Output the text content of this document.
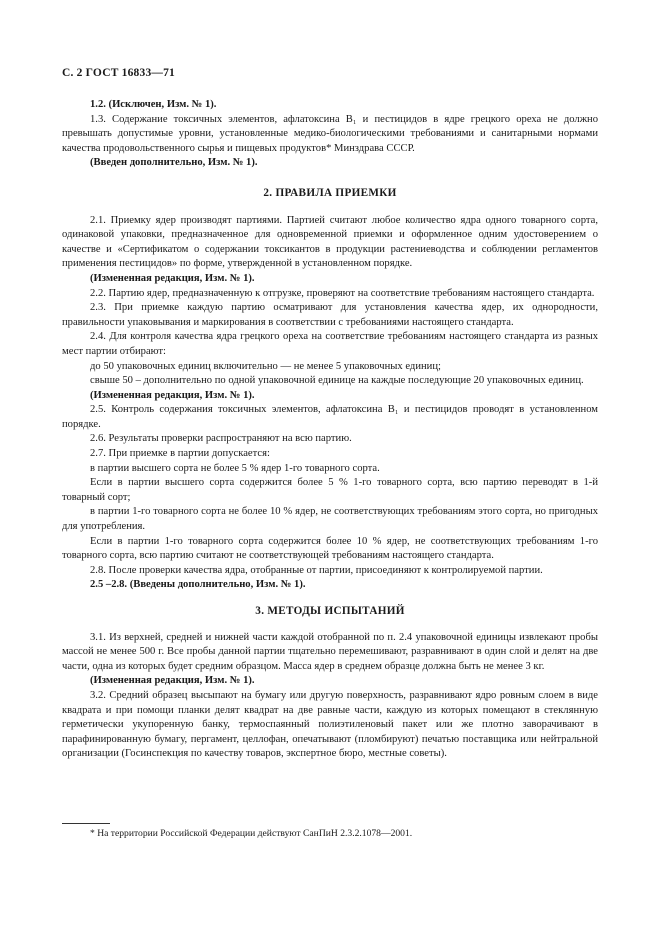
С. 2 ГОСТ 16833—71

1.2. (Исключен, Изм. № 1).

1.3. Содержание токсичных элементов, афлатоксина B₁ и пестицидов в ядре грецкого ореха не должно превышать допустимые уровни, установленные медико-биологическими требованиями и санитарными нормами качества продовольственного сырья и пищевых продуктов* Минздрава СССР.

(Введен дополнительно, Изм. № 1).

2. ПРАВИЛА ПРИЕМКИ

2.1. Приемку ядер производят партиями. Партией считают любое количество ядра одного товарного сорта, одинаковой упаковки, предназначенное для одновременной приемки и оформленное одним удостоверением о качестве и «Сертификатом о содержании токсикантов в продукции растениеводства и соблюдении регламентов применения пестицидов» по форме, утвержденной в установленном порядке.

(Измененная редакция, Изм. № 1).

2.2. Партию ядер, предназначенную к отгрузке, проверяют на соответствие требованиям настоящего стандарта.

2.3. При приемке каждую партию осматривают для установления качества ядер, их однородности, правильности упаковывания и маркирования в соответствии с требованиями настоящего стандарта.

2.4. Для контроля качества ядра грецкого ореха на соответствие требованиям настоящего стандарта из разных мест партии отбирают:

до 50 упаковочных единиц включительно — не менее 5 упаковочных единиц;

свыше 50 – дополнительно по одной упаковочной единице на каждые последующие 20 упаковочных единиц.

(Измененная редакция, Изм. № 1).

2.5. Контроль содержания токсичных элементов, афлатоксина B₁ и пестицидов проводят в установленном порядке.

2.6. Результаты проверки распространяют на всю партию.

2.7. При приемке в партии допускается:

в партии высшего сорта не более 5 % ядер 1-го товарного сорта.

Если в партии высшего сорта содержится более 5 % 1-го товарного сорта, всю партию переводят в 1-й товарный сорт;

в партии 1-го товарного сорта не более 10 % ядер, не соответствующих требованиям этого сорта, но пригодных для употребления.

Если в партии 1-го товарного сорта содержится более 10 % ядер, не соответствующих требованиям 1-го товарного сорта, всю партию считают не соответствующей требованиям настоящего стандарта.

2.8. После проверки качества ядра, отобранные от партии, присоединяют к контролируемой партии.

2.5 –2.8. (Введены дополнительно, Изм. № 1).

3. МЕТОДЫ ИСПЫТАНИЙ

3.1. Из верхней, средней и нижней части каждой отобранной по п. 2.4 упаковочной единицы извлекают пробы массой не менее 500 г. Все пробы данной партии тщательно перемешивают, разравнивают в один слой и делят на две части, одна из которых будет средним образцом. Масса ядер в среднем образце должна быть не менее 3 кг.

(Измененная редакция, Изм. № 1).

3.2. Средний образец высыпают на бумагу или другую поверхность, разравнивают ядро ровным слоем в виде квадрата и при помощи планки делят квадрат на две равные части, каждую из которых помещают в стеклянную герметически укупоренную банку, термоспаянный полиэтиленовый пакет или же плотно заворачивают в парафинированную бумагу, пергамент, целлофан, опечатывают (пломбируют) печатью поставщика или нейтральной организации (Госинспекция по качеству товаров, экспертное бюро, местные советы).

* На территории Российской Федерации действуют СанПиН 2.3.2.1078—2001.
